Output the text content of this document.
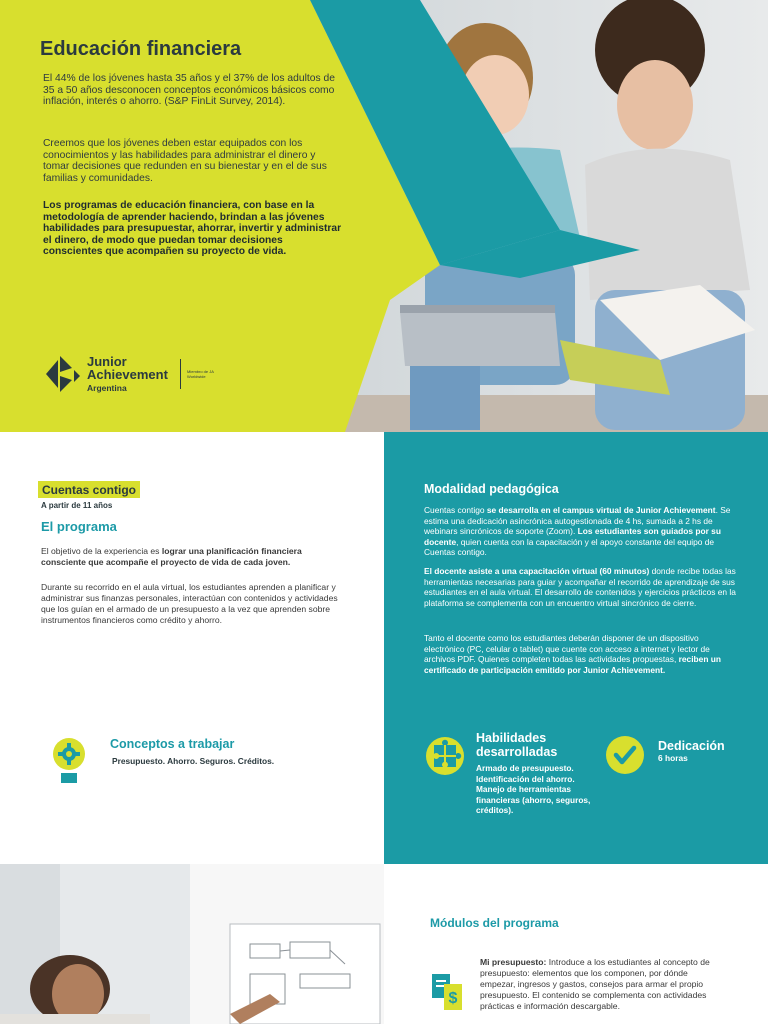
Educación financiera

El 44% de los jóvenes hasta 35 años y el 37% de los adultos de 35 a 50 años desconocen conceptos económicos básicos como inflación, interés o ahorro. (S&P FinLit Survey, 2014).

Creemos que los jóvenes deben estar equipados con los conocimientos y las habilidades para administrar el dinero y tomar decisiones que redunden en su bienestar y en el de sus familias y comunidades.

Los programas de educación financiera, con base en la metodología de aprender haciendo, brindan a las jóvenes habilidades para presupuestar, ahorrar, invertir y administrar el dinero, de modo que puedan tomar decisiones conscientes que acompañen su proyecto de vida.

Junior
Achievement
Argentina
Miembro de JA Worldwide
Cuentas contigo
A partir de 11 años
El programa

El objetivo de la experiencia es lograr una planificación financiera consciente que acompañe el proyecto de vida de cada joven.

Durante su recorrido en el aula virtual, los estudiantes aprenden a planificar y administrar sus finanzas personales, interactúan con contenidos y actividades que los guían en el armado de un presupuesto a la vez que aprenden sobre instrumentos financieros como crédito y ahorro.

Conceptos a trabajar
Presupuesto. Ahorro. Seguros. Créditos.
Modalidad pedagógica

Cuentas contigo se desarrolla en el campus virtual de Junior Achievement. Se estima una dedicación asincrónica autogestionada de 4 hs, sumada a 2 hs de webinars sincrónicos de soporte (Zoom). Los estudiantes son guiados por su docente, quien cuenta con la capacitación y el apoyo constante del equipo de Cuentas contigo.

El docente asiste a una capacitación virtual (60 minutos) donde recibe todas las herramientas necesarias para guiar y acompañar el recorrido de aprendizaje de sus estudiantes en el aula virtual. El desarrollo de contenidos y ejercicios prácticos en la plataforma se complementa con un encuentro virtual sincrónico de cierre.

Tanto el docente como los estudiantes deberán disponer de un dispositivo electrónico (PC, celular o tablet) que cuente con acceso a internet y lector de archivos PDF. Quienes completen todas las actividades propuestas, reciben un certificado de participación emitido por Junior Achievement.

Habilidades desarrolladas
Armado de presupuesto. Identificación del ahorro. Manejo de herramientas financieras (ahorro, seguros, créditos).
Dedicación
6 horas
Módulos del programa
$

Mi presupuesto: Introduce a los estudiantes al concepto de presupuesto: elementos que los componen, por dónde empezar, ingresos y gastos, consejos para armar el propio presupuesto. El contenido se complementa con actividades prácticas e información descargable.
